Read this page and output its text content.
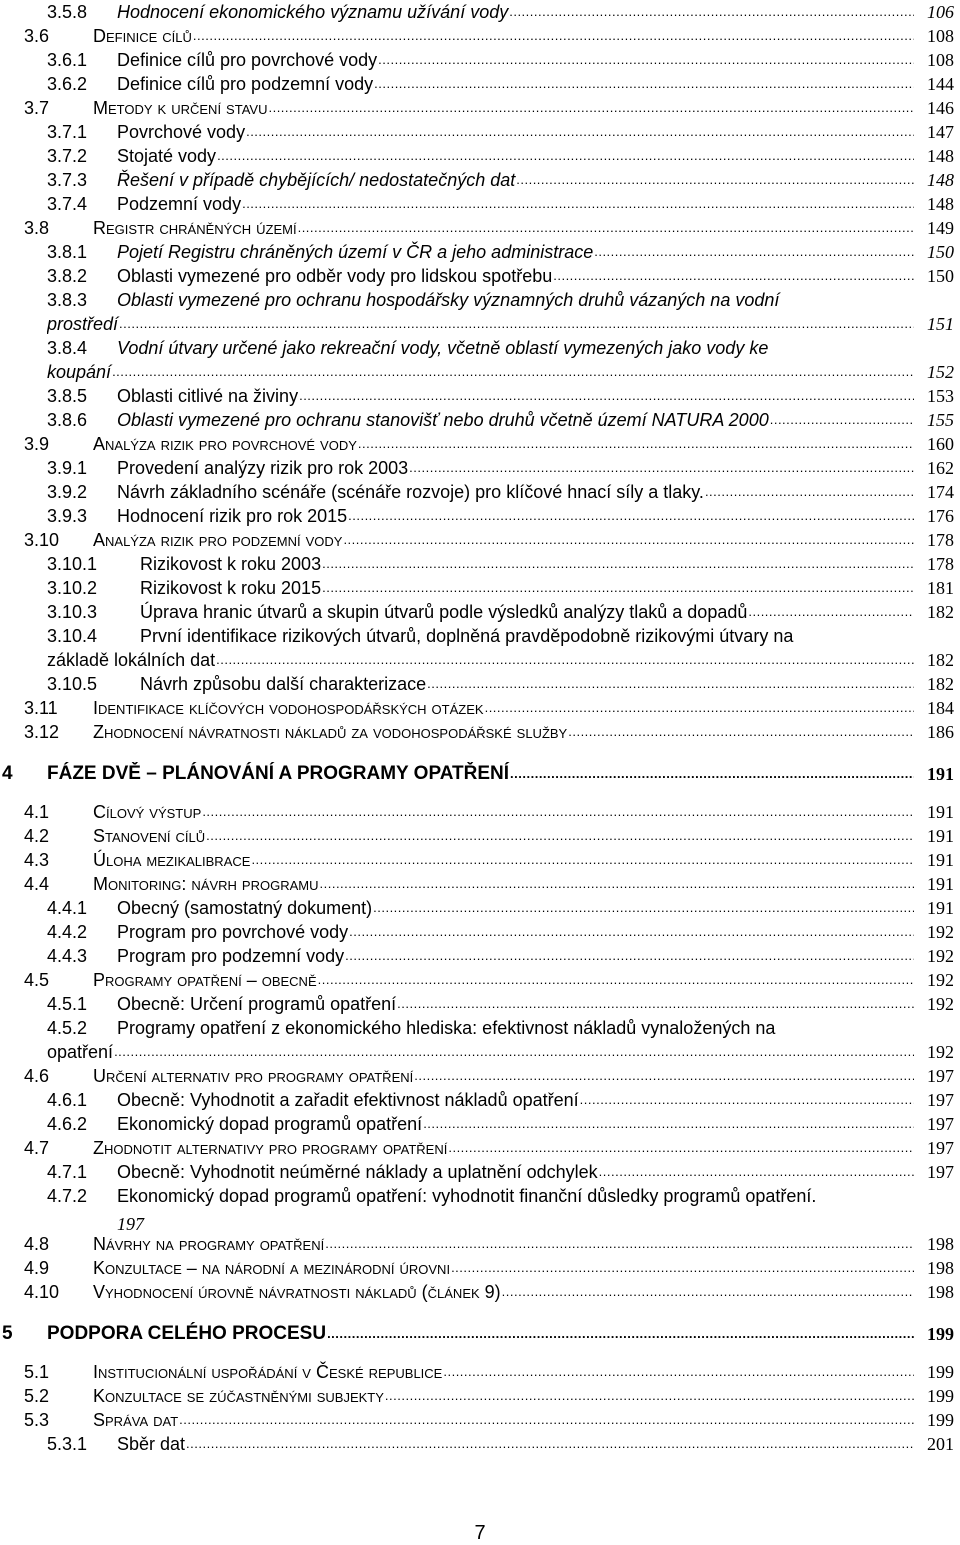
3.5.8 Hodnocení ekonomického významu užívání vody .....	106
3.6 Definice cílů .....	108
3.6.1 Definice cílů pro povrchové vody .....	108
3.6.2 Definice cílů pro podzemní vody .....	144
3.7 Metody k určení stavu .....	146
3.7.1 Povrchové vody .....	147
3.7.2 Stojaté vody .....	148
3.7.3 Řešení v případě chybějících/ nedostatečných dat .....	148
3.7.4 Podzemní vody .....	148
3.8 Registr chráněných území .....	149
3.8.1 Pojetí Registru chráněných území v ČR a jeho administrace .....	150
3.8.2 Oblasti vymezené pro odběr vody pro lidskou spotřebu .....	150
3.8.3 Oblasti vymezené pro ochranu hospodářsky významných druhů vázaných na vodní
prostředí .....	151
3.8.4 Vodní útvary určené jako rekreační vody, včetně oblastí vymezených jako vody ke
koupání .....	152
3.8.5 Oblasti citlivé na živiny .....	153
3.8.6 Oblasti vymezené pro ochranu stanovišť nebo druhů včetně území NATURA 2000 .....	155
3.9 Analýza rizik pro povrchové vody .....	160
3.9.1 Provedení analýzy rizik pro rok 2003 .....	162
3.9.2 Návrh základního scénáře (scénáře rozvoje) pro klíčové hnací síly a tlaky. .....	174
3.9.3 Hodnocení rizik pro rok 2015 .....	176
3.10 Analýza rizik pro podzemní vody .....	178
3.10.1 Rizikovost k roku 2003 .....	178
3.10.2 Rizikovost k roku 2015 .....	181
3.10.3 Úprava hranic útvarů a skupin útvarů podle výsledků analýzy tlaků a dopadů .....	182
3.10.4 První identifikace rizikových útvarů, doplněná pravděpodobně rizikovými útvary na
základě lokálních dat .....	182
3.10.5 Návrh způsobu další charakterizace .....	182
3.11 Identifikace klíčových vodohospodářských otázek .....	184
3.12 Zhodnocení návratnosti nákladů za vodohospodářské služby .....	186
4 FÁZE DVĚ – PLÁNOVÁNÍ A PROGRAMY OPATŘENÍ .....	191
4.1 Cílový výstup .....	191
4.2 Stanovení cílů .....	191
4.3 Úloha mezikalibrace .....	191
4.4 Monitoring: návrh programu .....	191
4.4.1 Obecný (samostatný dokument) .....	191
4.4.2 Program pro povrchové vody .....	192
4.4.3 Program pro podzemní vody .....	192
4.5 Programy opatření – obecně .....	192
4.5.1 Obecně: Určení programů opatření .....	192
4.5.2 Programy opatření z ekonomického hlediska: efektivnost nákladů vynaložených na
opatření .....	192
4.6 Určení alternativ pro programy opatření .....	197
4.6.1 Obecně: Vyhodnotit a zařadit efektivnost nákladů opatření .....	197
4.6.2 Ekonomický dopad programů opatření .....	197
4.7 Zhodnotit alternativy pro programy opatření .....	197
4.7.1 Obecně: Vyhodnotit neúměrné náklady a uplatnění odchylek .....	197
4.7.2 Ekonomický dopad programů opatření: vyhodnotit finanční důsledky programů opatření.
197
4.8 Návrhy na programy opatření .....	198
4.9 Konzultace – na národní a mezinárodní úrovni .....	198
4.10 Vyhodnocení úrovně návratnosti nákladů (článek 9) .....	198
5 PODPORA CELÉHO PROCESU .....	199
5.1 Institucionální uspořádání v České republice .....	199
5.2 Konzultace se zúčastněnými subjekty .....	199
5.3 Správa dat .....	199
5.3.1 Sběr dat .....	201
7
